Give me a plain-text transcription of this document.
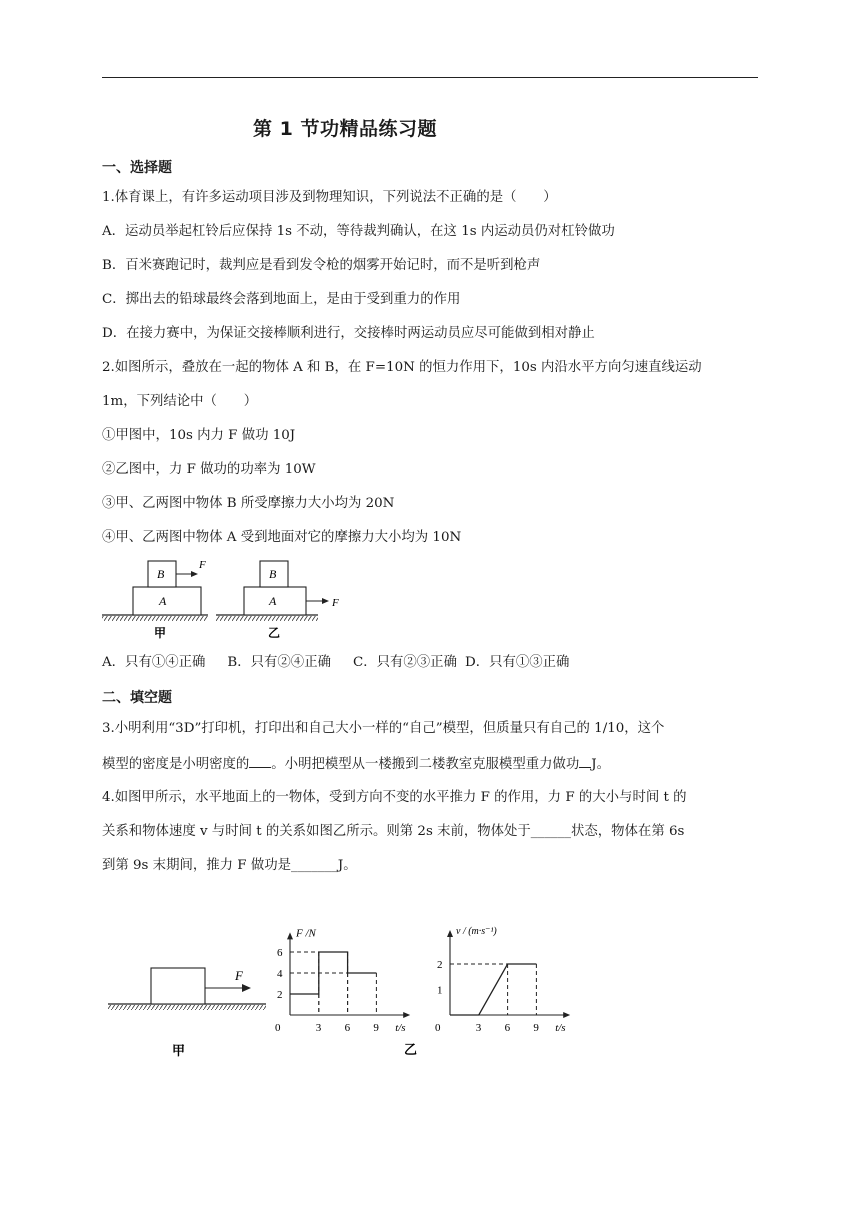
第 1 节功精品练习题
一、选择题
1.体育课上，有许多运动项目涉及到物理知识，下列说法不正确的是（　　）
A．运动员举起杠铃后应保持 1s 不动，等待裁判确认，在这 1s 内运动员仍对杠铃做功
B．百米赛跑记时，裁判应是看到发令枪的烟雾开始记时，而不是听到枪声
C．掷出去的铅球最终会落到地面上，是由于受到重力的作用
D．在接力赛中，为保证交接棒顺利进行，交接棒时两运动员应尽可能做到相对静止
2.如图所示，叠放在一起的物体 A 和 B，在 F=10N 的恒力作用下，10s 内沿水平方向匀速直线运动
1m，下列结论中（　　）
①甲图中，10s 内力 F 做功 10J
②乙图中，力 F 做功的功率为 10W
③甲、乙两图中物体 B 所受摩擦力大小均为 20N
④甲、乙两图中物体 A 受到地面对它的摩擦力大小均为 10N
A
B
F
甲
A
B
F
乙
A．只有①④正确 B．只有②④正确 C．只有②③正确 D．只有①③正确
二、填空题
3.小明利用“3D”打印机，打印出和自己大小一样的“自己”模型，但质量只有自己的 1/10，这个
模型的密度是小明密度的 。小明把模型从一楼搬到二楼教室克服模型重力做功 J。
4.如图甲所示，水平地面上的一物体，受到方向不变的水平推力 F 的作用，力 F 的大小与时间 t 的
关系和物体速度 v 与时间 t 的关系如图乙所示。则第 2s 末前，物体处于______状态，物体在第 6s
到第 9s 末期间，推力 F 做功是_______J。
F
甲
F /N
t/s
0	3 6 9
2
4
6
v / (m·s⁻¹)
t/s
0	3 6 9
1
2
乙
